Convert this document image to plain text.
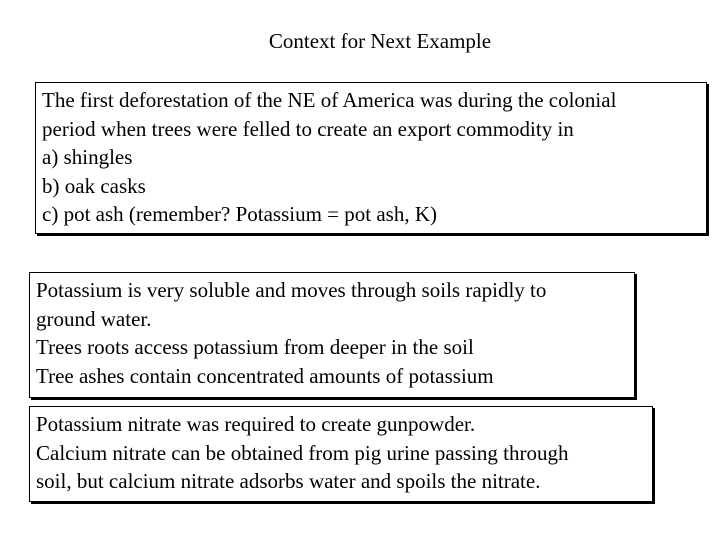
Context for Next Example
The first deforestation of the NE of America was during the colonial
period when trees were felled to create an export commodity in
a) shingles
b) oak casks
c) pot ash (remember? Potassium = pot ash, K)
Potassium is very soluble and moves through soils rapidly to
ground water.
Trees roots access potassium from deeper in the soil
Tree ashes contain concentrated amounts of potassium
Potassium nitrate was required to create gunpowder.
Calcium nitrate can be obtained from pig urine passing through
soil, but calcium nitrate adsorbs water and spoils the nitrate.
